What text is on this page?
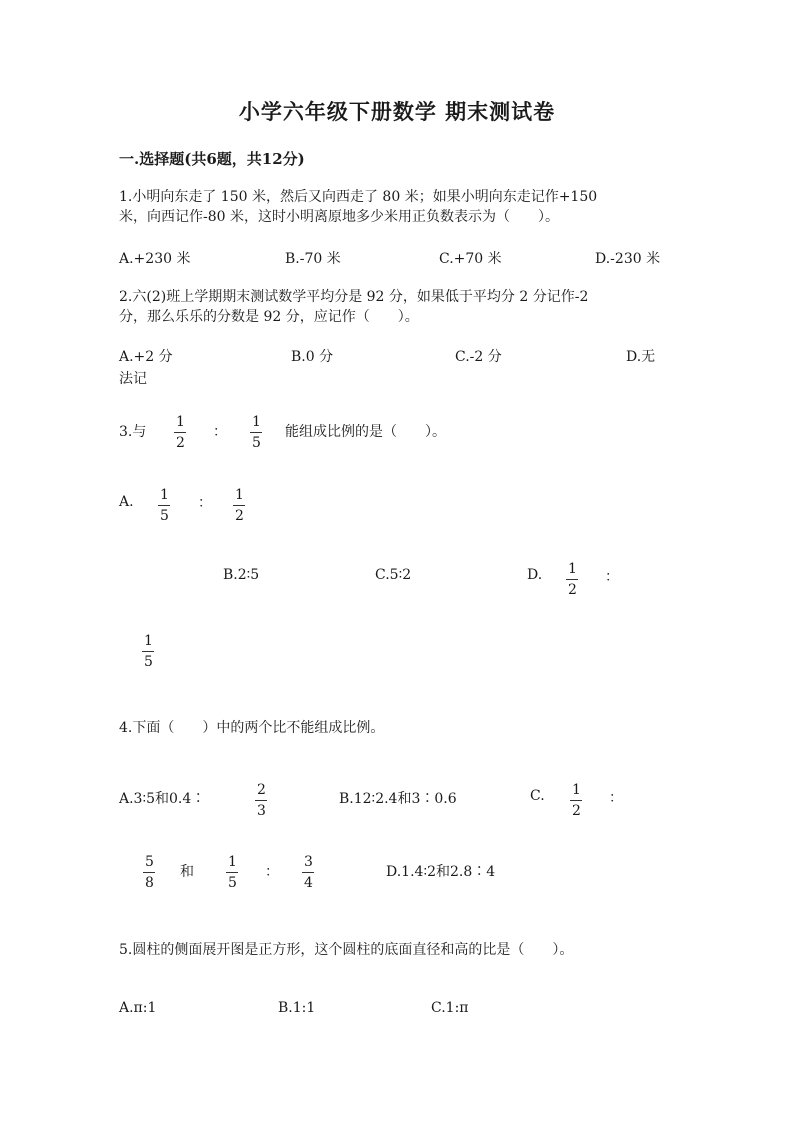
小学六年级下册数学 期末测试卷
一.选择题(共6题，共12分)
1.小明向东走了 150 米，然后又向西走了 80 米；如果小明向东走记作+150
米，向西记作-80 米，这时小明离原地多少米用正负数表示为（　　）。
A.+230 米	B.-70 米	C.+70 米	D.-230 米
2.六(2)班上学期期末测试数学平均分是 92 分，如果低于平均分 2 分记作-2
分，那么乐乐的分数是 92 分，应记作（　　）。
A.+2 分	B.0 分	C.-2 分	D.无
法记
3.与
1
2
：
1
5
能组成比例的是（　　）。
A. 1
5
： 1
2
B.2∶5	C.5∶2	D. 1
2
：
1
5
4.下面（　　）中的两个比不能组成比例。
A.3∶5和0.4∶
2
3
B.12∶2.4和3∶0.6	C. 1
2
：
5
8
和
1
5
：
3
4
D.1.4∶2和2.8∶4
5.圆柱的侧面展开图是正方形，这个圆柱的底面直径和高的比是（　　）。
A.π:1	B.1:1	C.1:π
